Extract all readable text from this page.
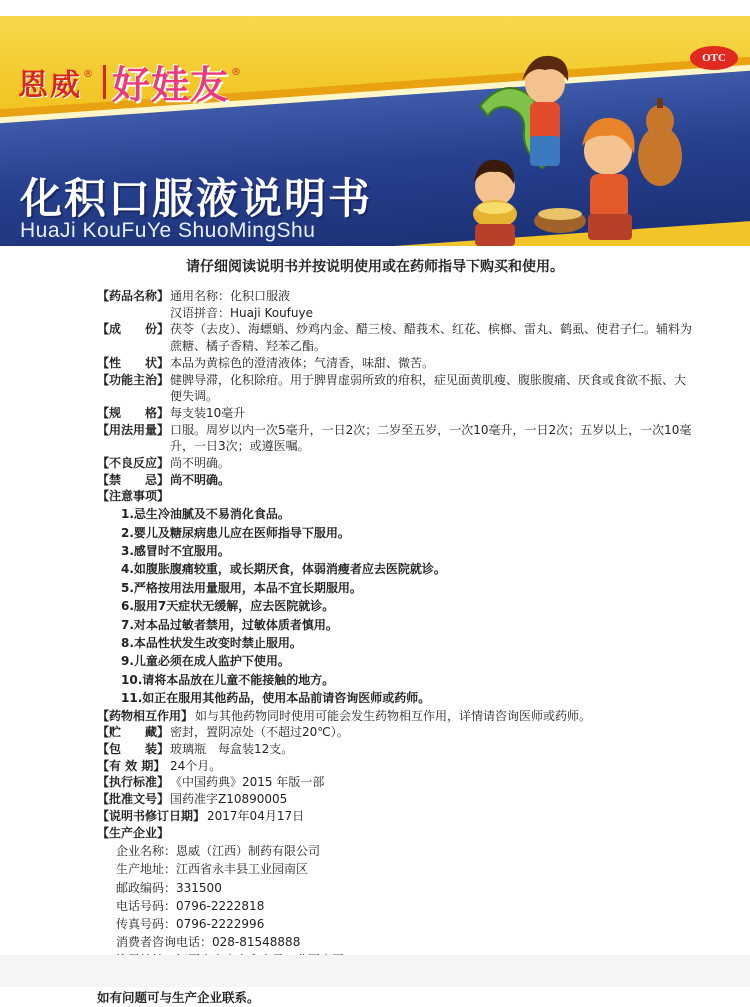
恩威 ® 好娃友 ®
OTC
化积口服液说明书
HuaJi KouFuYe ShuoMingShu
请仔细阅读说明书并按说明使用或在药师指导下购买和使用。
【药品名称】 通用名称：化积口服液
汉语拼音：Huaji Koufuye
【成　　份】 茯苓（去皮）、海螵蛸、炒鸡内金、醋三棱、醋莪术、红花、槟榔、雷丸、鹤虱、使君子仁。辅料为蔗糖、橘子香精、羟苯乙酯。
【性　　状】 本品为黄棕色的澄清液体；气清香，味甜、微苦。
【功能主治】 健脾导滞，化积除疳。用于脾胃虚弱所致的疳积，症见面黄肌瘦、腹胀腹痛、厌食或食欲不振、大便失调。
【规　　格】 每支装10毫升
【用法用量】 口服。周岁以内一次5毫升，一日2次；二岁至五岁，一次10毫升，一日2次；五岁以上，一次10毫升，一日3次；或遵医嘱。
【不良反应】 尚不明确。
【禁　　忌】 尚不明确。
【注意事项】
1.忌生冷油腻及不易消化食品。
2.婴儿及糖尿病患儿应在医师指导下服用。
3.感冒时不宜服用。
4.如腹胀腹痛较重，或长期厌食，体弱消瘦者应去医院就诊。
5.严格按用法用量服用，本品不宜长期服用。
6.服用7天症状无缓解，应去医院就诊。
7.对本品过敏者禁用，过敏体质者慎用。
8.本品性状发生改变时禁止服用。
9.儿童必须在成人监护下使用。
10.请将本品放在儿童不能接触的地方。
11.如正在服用其他药品，使用本品前请咨询医师或药师。
【药物相互作用】 如与其他药物同时使用可能会发生药物相互作用，详情请咨询医师或药师。
【贮　　藏】 密封，置阴凉处（不超过20℃）。
【包　　装】 玻璃瓶　每盒装12支。
【有 效 期】 24个月。
【执行标准】 《中国药典》2015 年版一部
【批准文号】 国药准字Z10890005
【说明书修订日期】 2017年04月17日
【生产企业】
企业名称： 恩威（江西）制药有限公司
生产地址： 江西省永丰县工业园南区
邮政编码： 331500
电话号码： 0796-2222818
传真号码： 0796-2222996
消费者咨询电话： 028-81548888
如有问题可与生产企业联系。
